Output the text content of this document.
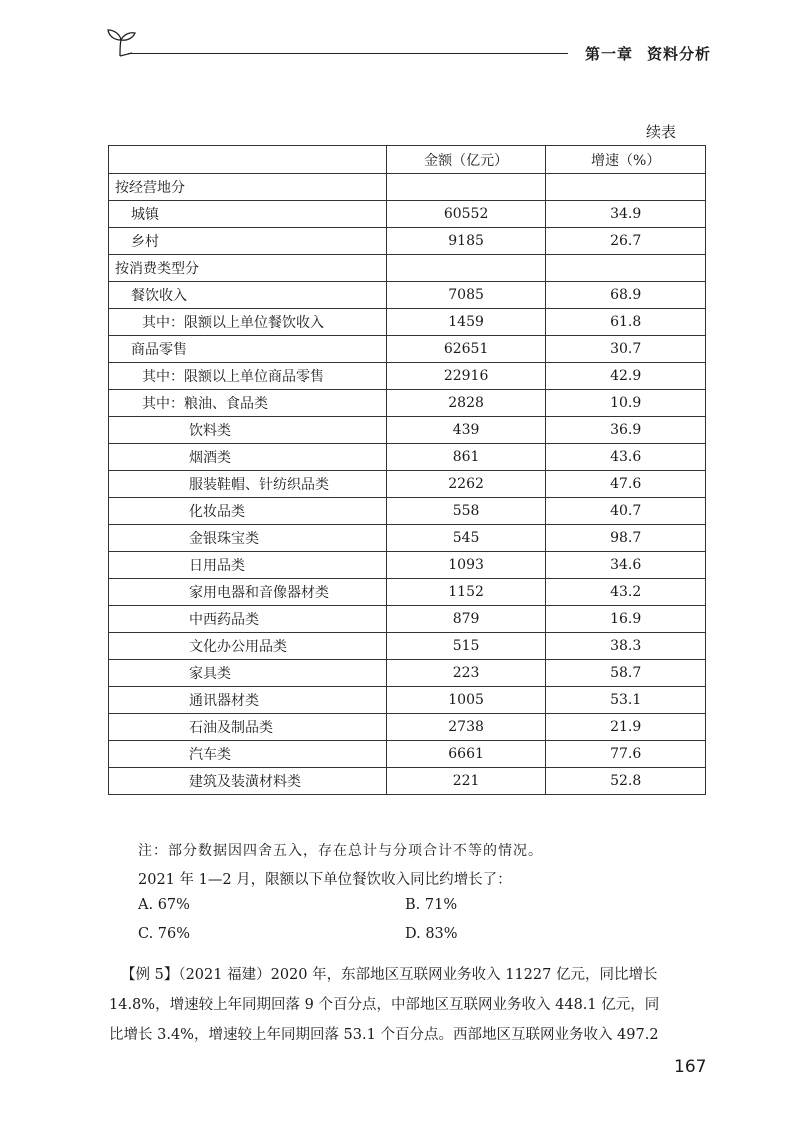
第一章 资料分析
续表
	金额（亿元）	增速（%）
按经营地分		
城镇	60552	34.9
乡村	9185	26.7
按消费类型分		
餐饮收入	7085	68.9
其中：限额以上单位餐饮收入	1459	61.8
商品零售	62651	30.7
其中：限额以上单位商品零售	22916	42.9
其中：粮油、食品类	2828	10.9
饮料类	439	36.9
烟酒类	861	43.6
服装鞋帽、针纺织品类	2262	47.6
化妆品类	558	40.7
金银珠宝类	545	98.7
日用品类	1093	34.6
家用电器和音像器材类	1152	43.2
中西药品类	879	16.9
文化办公用品类	515	38.3
家具类	223	58.7
通讯器材类	1005	53.1
石油及制品类	2738	21.9
汽车类	6661	77.6
建筑及装潢材料类	221	52.8
注：部分数据因四舍五入，存在总计与分项合计不等的情况。
2021 年 1—2 月，限额以下单位餐饮收入同比约增长了：
A. 67%	B. 71%
C. 76%	D. 83%

【例 5】（2021 福建）2020 年，东部地区互联网业务收入 11227 亿元，同比增长

14.8%，增速较上年同期回落 9 个百分点，中部地区互联网业务收入 448.1 亿元，同

比增长 3.4%，增速较上年同期回落 53.1 个百分点。西部地区互联网业务收入 497.2

167
